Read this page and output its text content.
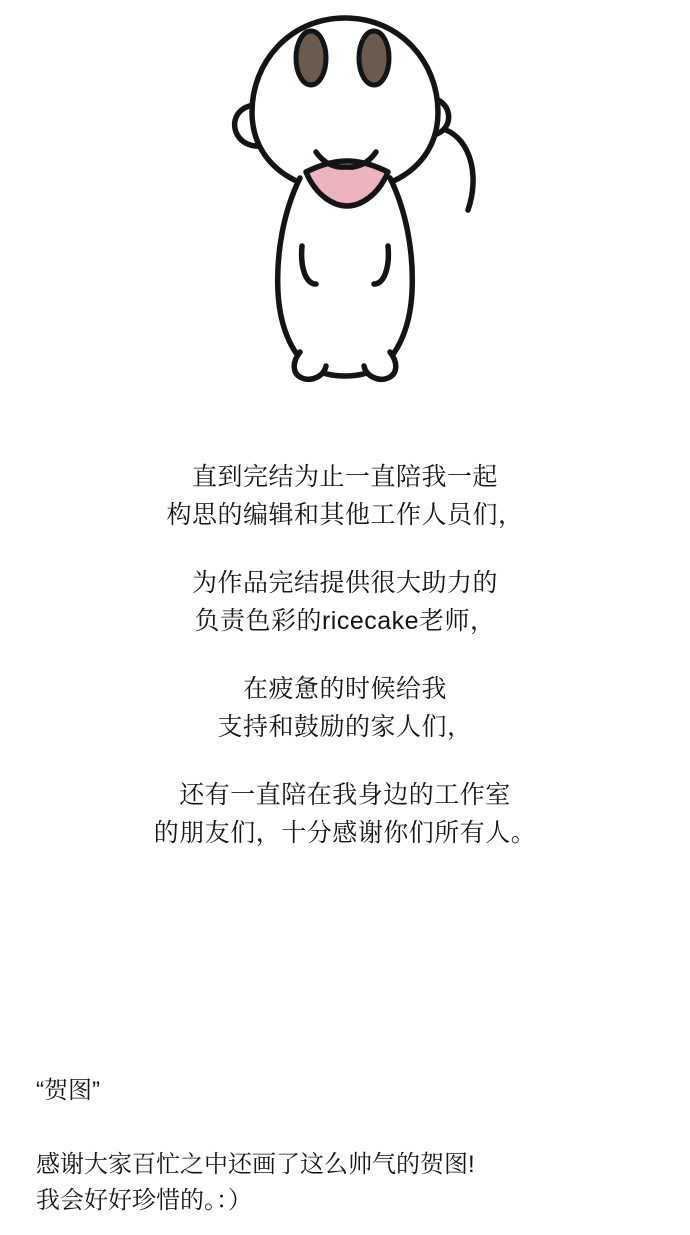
直到完结为止一直陪我一起
构思的编辑和其他工作人员们，

为作品完结提供很大助力的
负责色彩的ricecake老师，

在疲惫的时候给我
支持和鼓励的家人们，

还有一直陪在我身边的工作室
的朋友们，十分感谢你们所有人。

“贺图”
感谢大家百忙之中还画了这么帅气的贺图!
我会好好珍惜的。：）
